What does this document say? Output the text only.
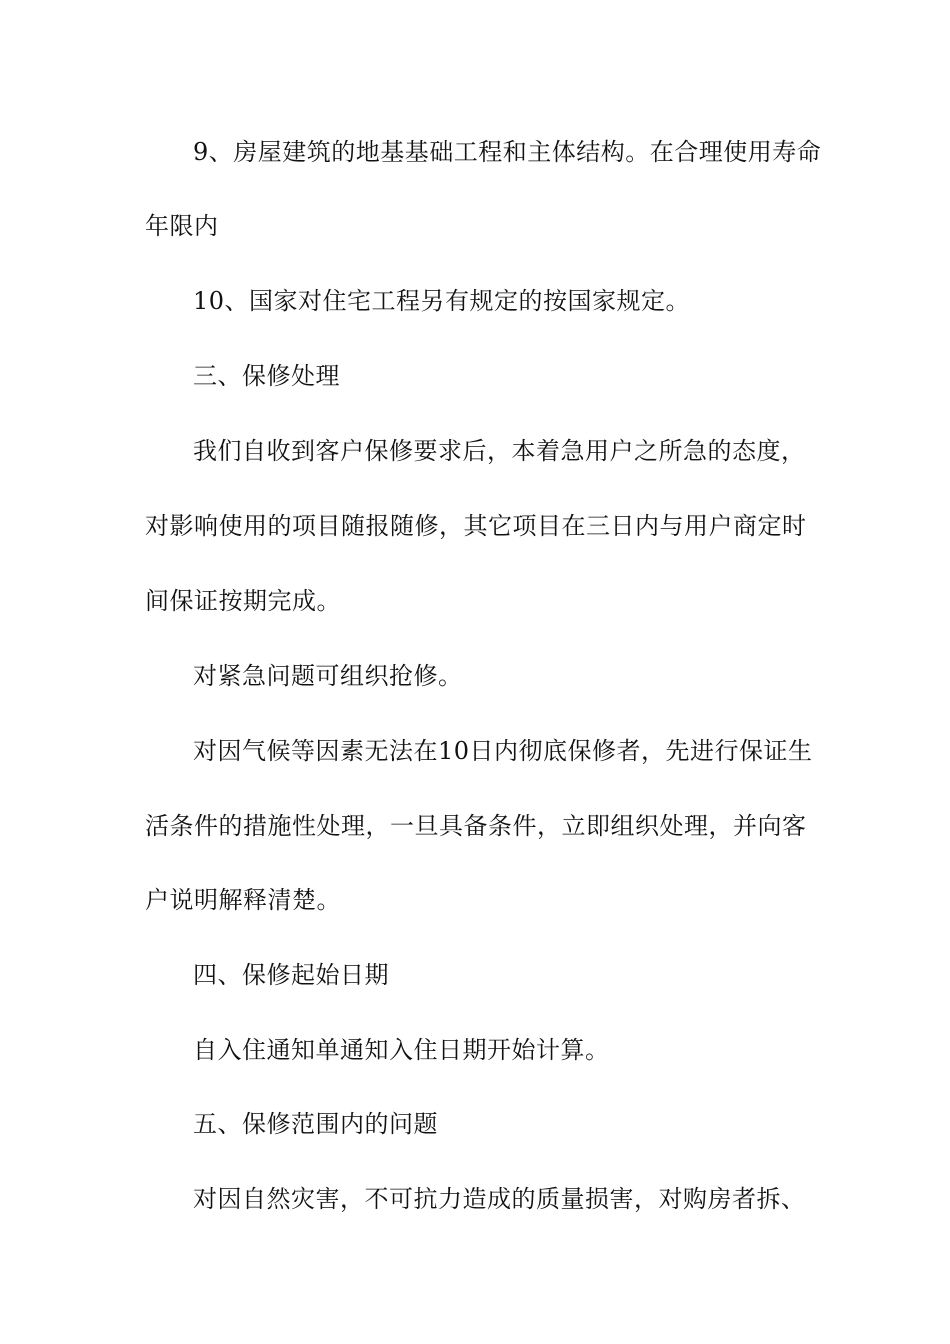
9、房屋建筑的地基基础工程和主体结构。在合理使用寿命
年限内
10、国家对住宅工程另有规定的按国家规定。
三、保修处理
我们自收到客户保修要求后，本着急用户之所急的态度，
对影响使用的项目随报随修，其它项目在三日内与用户商定时
间保证按期完成。
对紧急问题可组织抢修。
对因气候等因素无法在10日内彻底保修者，先进行保证生
活条件的措施性处理，一旦具备条件，立即组织处理，并向客
户说明解释清楚。
四、保修起始日期
自入住通知单通知入住日期开始计算。
五、保修范围内的问题
对因自然灾害，不可抗力造成的质量损害，对购房者拆、
